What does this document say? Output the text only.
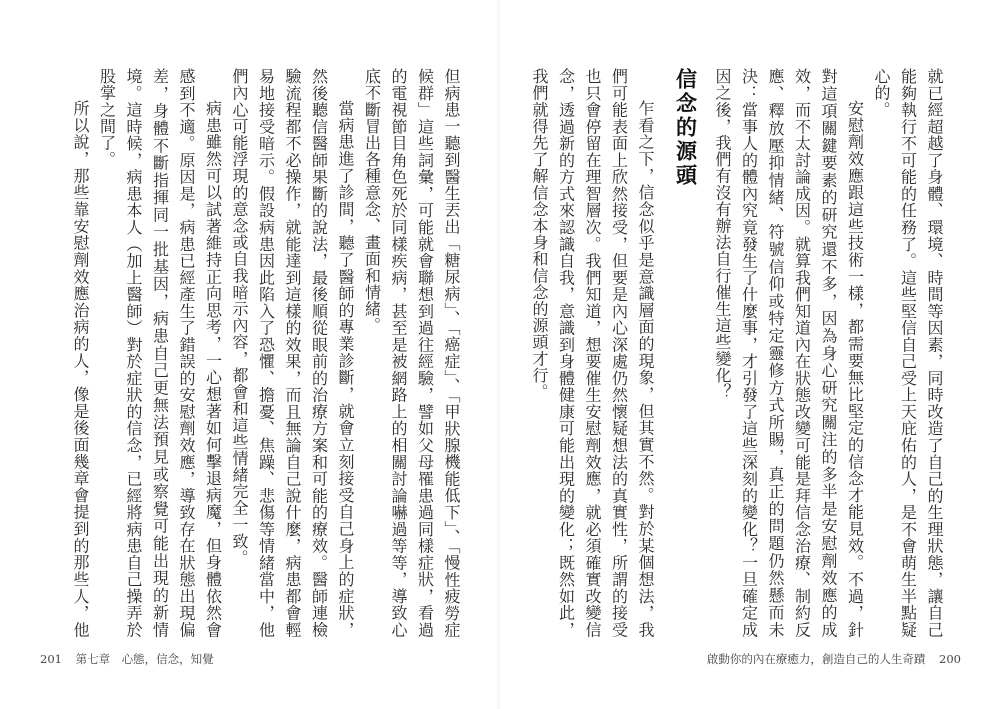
但病患一聽到醫生丟出「糖尿病」、「癌症」、「甲狀腺機能低下」、「慢性疲勞症候群」這些詞彙，可能就會聯想到過往經驗，譬如父母罹患過同樣症狀，看過的電視節目角色死於同樣疾病，甚至是被網路上的相關討論嚇過等等，導致心底不斷冒出各種意念、畫面和情緒。

當病患進了診間，聽了醫師的專業診斷，就會立刻接受自己身上的症狀，然後聽信醫師果斷的說法，最後順從眼前的治療方案和可能的療效。醫師連檢驗流程都不必操作，就能達到這樣的效果，而且無論自己說什麼，病患都會輕易地接受暗示。假設病患因此陷入了恐懼、擔憂、焦躁、悲傷等情緒當中，他們內心可能浮現的意念或自我暗示內容，都會和這些情緒完全一致。

病患雖然可以試著維持正向思考，一心想著如何擊退病魔，但身體依然會感到不適。原因是，病患已經產生了錯誤的安慰劑效應，導致存在狀態出現偏差，身體不斷指揮同一批基因，病患自己更無法預見或察覺可能出現的新情境。這時候，病患本人（加上醫師）對於症狀的信念，已經將病患自己操弄於股掌之間了。

所以說，那些靠安慰劑效應治病的人，像是後面幾章會提到的那些人，他

201 第七章　心態，信念，知覺

就已經超越了身體、環境、時間等因素，同時改造了自己的生理狀態，讓自己能夠執行不可能的任務了。這些堅信自己受上天庇佑的人，是不會萌生半點疑心的。

安慰劑效應跟這些技術一樣，都需要無比堅定的信念才能見效。不過，針對這項關鍵要素的研究還不多，因為身心研究關注的多半是安慰劑效應的成效，而不太討論成因。就算我們知道內在狀態改變可能是拜信念治療、制約反應、釋放壓抑情緒、符號信仰或特定靈修方式所賜，真正的問題仍然懸而未決：當事人的體內究竟發生了什麼事，才引發了這些深刻的變化？一旦確定成因之後，我們有沒有辦法自行催生這些變化？

信念的源頭

乍看之下，信念似乎是意識層面的現象，但其實不然。對於某個想法，我們可能表面上欣然接受，但要是內心深處仍然懷疑想法的真實性，所謂的接受也只會停留在理智層次。我們知道，想要催生安慰劑效應，就必須確實改變信念，透過新的方式來認識自我，意識到身體健康可能出現的變化；既然如此，我們就得先了解信念本身和信念的源頭才行。

啟動你的內在療癒力，創造自己的人生奇蹟 200
